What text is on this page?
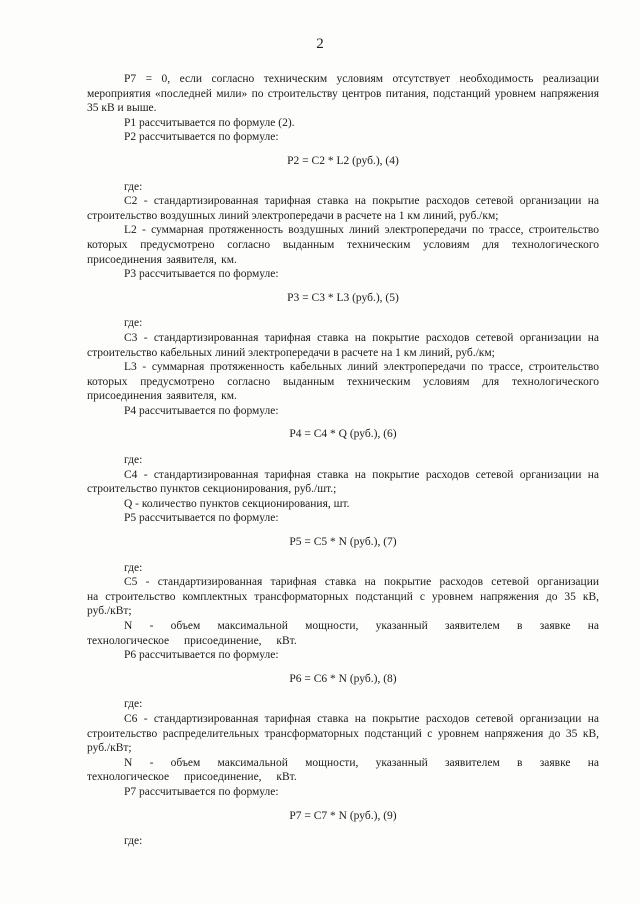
2

Р7 = 0, если согласно техническим условиям отсутствует необходимость реализации мероприятия «последней мили» по строительству центров питания, подстанций уровнем напряжения 35 кВ и выше.

Р1 рассчитывается по формуле (2).

Р2 рассчитывается по формуле:

Р2 = С2 * L2 (руб.), (4)

где:

С2 - стандартизированная тарифная ставка на покрытие расходов сетевой организации на строительство воздушных линий электропередачи в расчете на 1 км линий, руб./км;

L2 - суммарная протяженность воздушных линий электропередачи по трассе, строительство которых предусмотрено согласно выданным техническим условиям для технологического присоединения заявителя, км.

Р3 рассчитывается по формуле:

Р3 = С3 * L3 (руб.), (5)

где:

С3 - стандартизированная тарифная ставка на покрытие расходов сетевой организации на строительство кабельных линий электропередачи в расчете на 1 км линий, руб./км;

L3 - суммарная протяженность кабельных линий электропередачи по трассе, строительство которых предусмотрено согласно выданным техническим условиям для технологического присоединения заявителя, км.

Р4 рассчитывается по формуле:

Р4 = С4 * Q (руб.), (6)

где:

С4 - стандартизированная тарифная ставка на покрытие расходов сетевой организации на строительство пунктов секционирования, руб./шт.;

Q - количество пунктов секционирования, шт.

Р5 рассчитывается по формуле:

Р5 = С5 * N (руб.), (7)

где:

С5 - стандартизированная тарифная ставка на покрытие расходов сетевой организации на строительство комплектных трансформаторных подстанций с уровнем напряжения до 35 кВ, руб./кВт;

N - объем максимальной мощности, указанный заявителем в заявке на технологическое присоединение, кВт.

Р6 рассчитывается по формуле:

Р6 = С6 * N (руб.), (8)

где:

С6 - стандартизированная тарифная ставка на покрытие расходов сетевой организации на строительство распределительных трансформаторных подстанций с уровнем напряжения до 35 кВ, руб./кВт;

N - объем максимальной мощности, указанный заявителем в заявке на технологическое присоединение, кВт.

Р7 рассчитывается по формуле:

Р7 = С7 * N (руб.), (9)

где:
